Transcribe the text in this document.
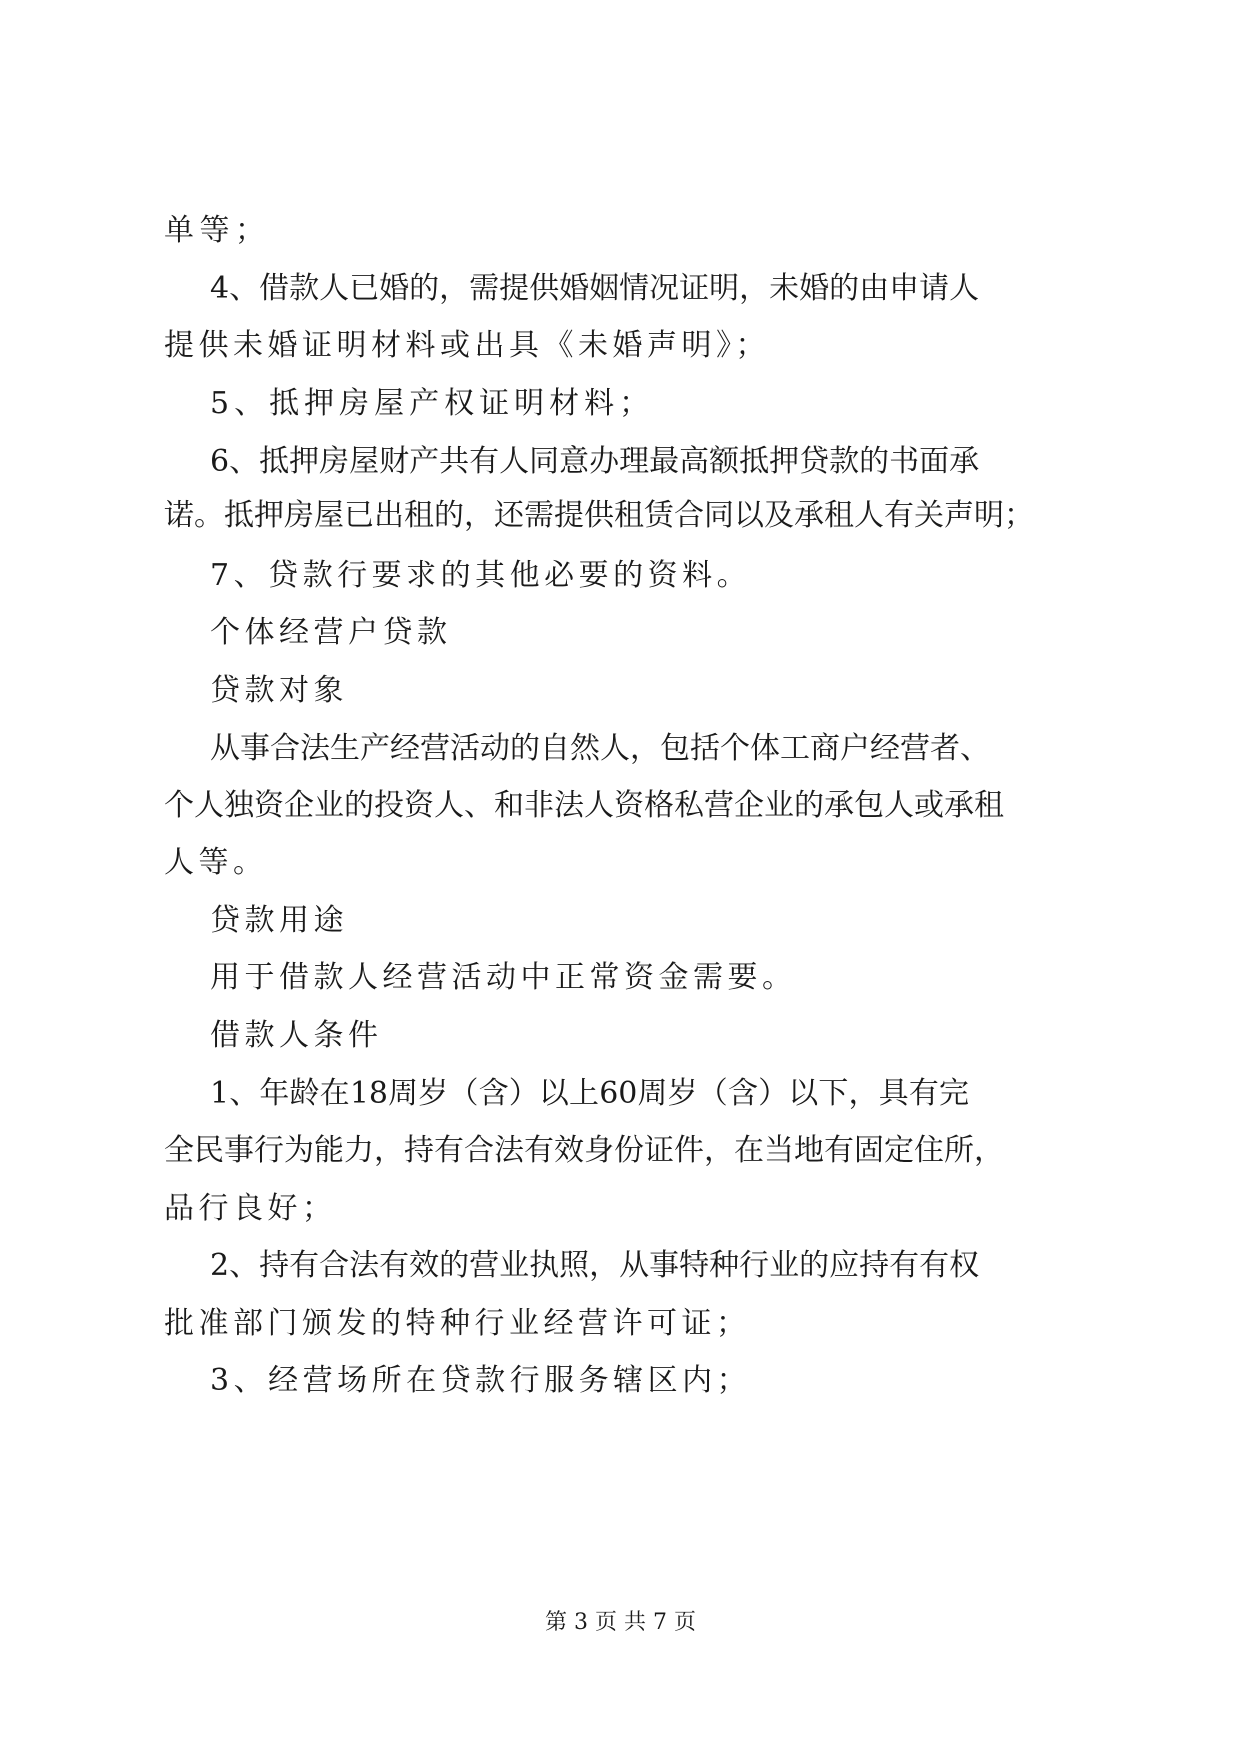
单等；
4、借款人已婚的，需提供婚姻情况证明，未婚的由申请人
提供未婚证明材料或出具《未婚声明》；
5、抵押房屋产权证明材料；
6、抵押房屋财产共有人同意办理最高额抵押贷款的书面承
诺。抵押房屋已出租的，还需提供租赁合同以及承租人有关声明；
7、贷款行要求的其他必要的资料。
个体经营户贷款
贷款对象
从事合法生产经营活动的自然人，包括个体工商户经营者、
个人独资企业的投资人、和非法人资格私营企业的承包人或承租
人等。
贷款用途
用于借款人经营活动中正常资金需要。
借款人条件
1、年龄在18周岁（含）以上60周岁（含）以下，具有完
全民事行为能力，持有合法有效身份证件，在当地有固定住所，
品行良好；
2、持有合法有效的营业执照，从事特种行业的应持有有权
批准部门颁发的特种行业经营许可证；
3、经营场所在贷款行服务辖区内；
第 3 页 共 7 页
